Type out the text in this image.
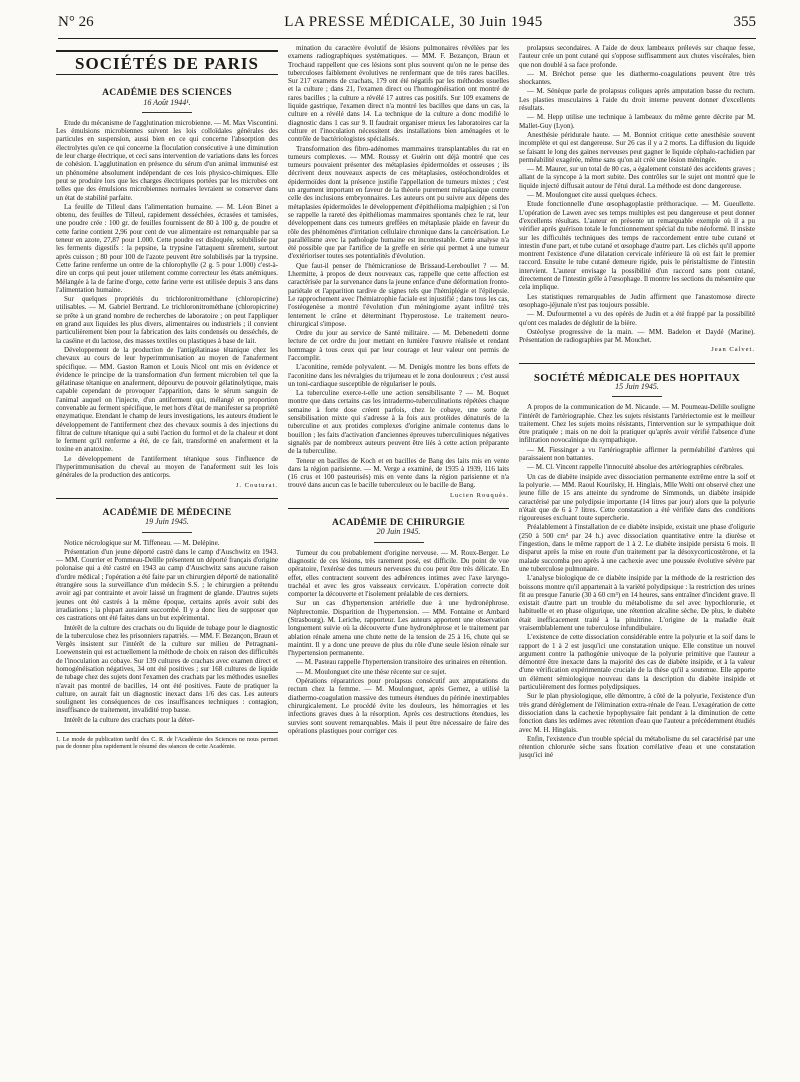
N° 26	LA PRESSE MÉDICALE, 30 Juin 1945	355
SOCIÉTÉS DE PARIS
ACADÉMIE DES SCIENCES
16 Août 1944¹.

Etude du mécanisme de l'agglutination microbienne. — M. Max Viscontini. Les émulsions microbiennes suivent les lois colloïdales générales des particules en suspension, aussi bien en ce qui concerne l'absorption des électrolytes qu'en ce qui concerne la floculation consécutive à une diminution de leur charge électrique, et ceci sans intervention de variations dans les forces de cohésion. L'agglutination en présence du sérum d'un animal immunisé est un phénomène absolument indépendant de ces lois physico-chimiques. Elle peut se produire lors que les charges électriques portées par les microbes ont telles que des émulsions microbiennes normales levraient se conserver dans un état de stabilité parfaite.

La feuille de Tilleul dans l'alimentation humaine. — M. Léon Binet a obtenu, des feuilles de Tilleul, rapidement desséchées, écrasées et tamisées, une poudre crée : 100 gr. de feuilles fournissent de 80 à 100 g. de poudre et cette farine contient 2,96 pour cent de vue alimentaire est remarquable par sa teneur en azote, 27,87 pour 1.000. Cette poudre est disloquée, solubilisée par les ferments digestifs : la pepsine, la trypsine l'attaquent sûrement, surtout après cuisson ; 80 pour 100 de l'azote peuvent être solubilisés par la trypsine. Cette farine renferme un ontre de la chlorophylle (2 g. 5 pour 1.000) c'est-à-dire un corps qui peut jouer utilement comme correcteur les états anémiques. Mélangée à la de farine d'orge, cette farine verte est utilisée depuis 3 ans dans l'alimentation humaine.

Sur quelques propriétés du trichloronitrométhane (chloropicrine) utilisables. — M. Gabriel Bertrand. Le trichloronitrométhane (chloropicrine) se prête à un grand nombre de recherches de laboratoire ; on peut l'appliquer en grand aux liquides les plus divers, alimentaires ou industriels ; il convient particulièrement bien pour la fabrication des laits condensés ou desséchés, de la caséine et du lactose, des masses textiles ou plastiques à base de lait.

Développement de la production de l'antigélatinase tétanique chez les chevaux au cours de leur hyperimmunisation au moyen de l'anaferment spécifique. — MM. Gaston Ramon et Louis Nicol ont mis en évidence et évidence le principe de la transformation d'un ferment microbien tel que la gélatinase tétanique en anaferment, dépourvu de pouvoir gélatinolytique, mais capable cependant de provoquer l'apparition, dans le sérum sanguin de l'animal auquel on l'injecte, d'un antiferment qui, mélangé en proportion convenable au ferment spécifique, le met hors d'état de manifester sa propriété enzymatique. Etendant le champ de leurs investigations, les auteurs étudient le développement de l'antiferment chez des chevaux soumis à des injections du filtrat de culture tétanique qui a subi l'action du formol et de la chaleur et dont le ferment qu'il renferme a été, de ce fait, transformé en anaferment et la toxine en anatoxine.

Le développement de l'antiferment tétanique sous l'influence de l'hyperimmunisation du cheval au moyen de l'anaferment suit les lois générales de la production des anticorps.

J. Couturat.
ACADÉMIE DE MÉDECINE
19 Juin 1945.

Notice nécrologique sur M. Tiffeneau. — M. Delépine.

Présentation d'un jeune déporté castré dans le camp d'Auschwitz en 1943. — MM. Courrier et Pommeau-Delille présentent un déporté français d'origine polonaise qui a été castré en 1943 au camp d'Auschwitz sans aucune raison d'ordre médical ; l'opération a été faite par un chirurgien déporté de nationalité étrangère sous la surveillance d'un médecin S.S. ; le chirurgien a prétendu avoir agi par contrainte et avoir laissé un fragment de glande. D'autres sujets jeunes ont été castrés à la même époque, certains après avoir subi des irradiations ; la plupart auraient succombé. Il y a donc lieu de supposer que ces castrations ont été faites dans un but expérimental.

Intérêt de la culture des crachats ou du liquide de tubage pour le diagnostic de la tuberculose chez les prisonniers rapatriés. — MM. F. Bezançon, Braun et Vergès insistent sur l'intérêt de la culture sur milieu de Petragnani-Loewenstein qui est actuellement la méthode de choix en raison des difficultés de l'inoculation au cobaye. Sur 139 cultures de crachats avec examen direct et homogénéisation négatives, 34 ont été positives ; sur 168 cultures de liquide de tubage chez des sujets dont l'examen des crachats par les méthodes usuelles n'avait pas montré de bacilles, 14 ont été positives. Faute de pratiquer la culture, on aurait fait un diagnostic inexact dans 1/6 des cas. Les auteurs soulignent les conséquences de ces insuffisances techniques : contagion, insuffisance de traitement, invalidité trop basse.

Intérêt de la culture des crachats pour la déter-

1. Le mode de publication tardif des C. R. de l'Académie des Sciences ne nous permet pas de donner plus rapidement le résumé des séances de cette Académie.

mination du caractère évolutif de lésions pulmonaires révélées par les examens radiographiques systématiques. — MM. F. Bezançon, Braun et Trochaud rappellent que ces lésions sont plus souvent qu'on ne le pense des tuberculoses faiblement évolutives ne renfermant que de très rares bacilles. Sur 217 examens de crachats, 179 ont été négatifs par les méthodes usuelles et la culture ; dans 21, l'examen direct ou l'homogénéisation ont montré de rares bacilles ; la culture a révélé 17 autres cas positifs. Sur 109 examens de liquide gastrique, l'examen direct n'a montré les bacilles que dans un cas, la culture en a révélé dans 14. La technique de la culture a donc modifié le diagnostic dans 1 cas sur 9. Il faudrait organiser mieux les laboratoires car la culture et l'inoculation nécessitent des installations bien aménagées et le contrôle de bactériologistes spécialisés.

Transformation des fibro-adénomes mammaires transplantables du rat en tumeurs complexes. — MM. Roussy et Guérin ont déjà montré que ces tumeurs pouvaient présenter des métaplasies épidermoïdes et osseuses ; ils décrivent deux nouveaux aspects de ces métaplasies, ostéochondroïdes et épidermoïdes dont la présence justifie l'appellation de tumeurs mixtes ; c'est un argument important en faveur de la théorie purement métaplasique contre celle des inclusions embryonnaires. Les auteurs ont pu suivre aux dépens des métaplasies épidermoïdes le développement d'épithélioma malpighien ; si l'on se rappelle la rareté des épithéliomas mammaires spontanés chez le rat, leur développement dans ces tumeurs greffées en métaplasie plaide en faveur du rôle des phénomènes d'irritation cellulaire chronique dans la cancérisation. Le parallélisme avec la pathologie humaine est incontestable. Cette analyse n'a été possible que par l'artifice de la greffe en série qui permet à une tumeur d'extérioriser toutes ses potentialités d'évolution.

Que faut-il penser de l'hémicraniose de Brissaud-Lereboullet ? — M. Lhermitte, à propos de deux nouveaux cas, rappelle que cette affection est caractérisée par la survenance dans la jeune enfance d'une déformation fronto-pariétale et l'apparition tardive de signes tels que l'hémiplégie et l'épilepsie. Le rapprochement avec l'hémiatrophie faciale est injustifié ; dans tous les cas, l'ostéogenèse a montré l'évolution d'un méningiome ayant infiltré très lentement le crâne et déterminant l'hyperostose. Le traitement neuro-chirurgical s'impose.

Ordre du jour au service de Santé militaire. — M. Debenedetti donne lecture de cet ordre du jour mettant en lumière l'œuvre réalisée et rendant hommage à tous ceux qui par leur courage et leur valeur ont permis de l'accomplir.

L'aconitine, remède polyvalent. — M. Denigès montre les bons effets de l'aconitine dans les névralgies du trijumeau et le zona douloureux ; c'est aussi un toni-cardiaque susceptible de régulariser le pouls.

La tuberculine exerce-t-elle une action sensibilisante ? — M. Boquet montre que dans certains cas les intradermo-tuberculinations répétées chaque semaine à forte dose créent parfois, chez le cobaye, une sorte de sensibilisation mixte qui s'adresse à la fois aux protéides dénaturés de la tuberculine et aux protides complexes d'origine animale contenus dans le bouillon ; les faits d'activation d'anciennes épreuves tuberculiniques négatives signalés par de nombreux auteurs peuvent être liés à cette action préparante de la tuberculine.

Teneur en bacilles de Koch et en bacilles de Bang des laits mis en vente dans la région parisienne. — M. Verge a examiné, de 1935 à 1939, 116 laits (16 crus et 100 pasteurisés) mis en vente dans la région parisienne et n'a trouvé dans aucun cas le bacille tuberculeux ou le bacille de Bang.

Lucien Rouquès.
ACADÉMIE DE CHIRURGIE
20 Juin 1945.

Tumeur du cou probablement d'origine nerveuse. — M. Roux-Berger. Le diagnostic de ces lésions, très rarement posé, est difficile. Du point de vue opératoire, l'exérèse des tumeurs nerveuses du cou peut être très délicate. En effet, elles contractent souvent des adhérences intimes avec l'axe laryngo-trachéal et avec les gros vaisseaux cervicaux. L'opération correcte doit comporter la découverte et l'isolement préalable de ces derniers.

Sur un cas d'hypertension artérielle due à une hydronéphrose. Néphrectomie. Disparition de l'hypertension. — MM. Fontaine et Ambard (Strasbourg). M. Leriche, rapporteur. Les auteurs apportent une observation longuement suivie où la découverte d'une hydronéphrose et le traitement par ablation rénale amena une chute nette de la tension de 25 à 16, chute qui se maintint. Il y a donc une preuve de plus du rôle d'une seule lésion rénale sur l'hypertension permanente.

— M. Pasteau rappelle l'hypertension transitoire des urinaires en rétention.

— M. Moulonguet cite une thèse récente sur ce sujet.

Opérations réparatrices pour prolapsus consécutif aux amputations du rectum chez la femme. — M. Moulonguet, après Gernez, a utilisé la diathermo-coagulation massive des tumeurs étendues du périnée inextirpables chirurgicalement. Le procédé évite les douleurs, les hémorragies et les infections graves dues à la résorption. Après ces destructions étendues, les survies sont souvent remarquables. Mais il peut être nécessaire de faire des opérations plastiques pour corriger ces

prolapsus secondaires. A l'aide de deux lambeaux prélevés sur chaque fesse, l'auteur crée un pont cutané qui s'oppose suffisamment aux chutes viscérales, bien que non doublé à sa face profonde.

— M. Bréchot pense que les diathermo-coagulations peuvent être très shockantes.

— M. Sénèque parle de prolapsus coliques après amputation basse du rectum. Les plasties musculaires à l'aide du droit interne peuvent donner d'excellents résultats.

— M. Hepp utilise une technique à lambeaux du même genre décrite par M. Mallet-Guy (Lyon).

Anesthésie péridurale haute. — M. Bonniot critique cette anesthésie souvent incomplète et qui est dangereuse. Sur 26 cas il y a 2 morts. La diffusion du liquide se faisant le long des gaines nerveuses peut gagner le liquide céphalo-rachidien par perméabilité exagérée, même sans qu'on ait créé une lésion méningée.

— M. Maurer, sur un total de 80 cas, a également constaté des accidents graves ; allant de la syncope à la mort subite. Des contrôles sur le sujet ont montré que le liquide injecté diffusait autour de l'étui dural. La méthode est donc dangereuse.

— M. Moulonguet cite aussi quelques échecs.

Etude fonctionnelle d'une œsophagoplastie préthoracique. — M. Gueullette. L'opération de Lawen avec ses temps multiples est peu dangereuse et peut donner d'excellents résultats. L'auteur en présente un remarquable exemple où il a pu vérifier après guérison totale le fonctionnement spécial du tube néoformé. Il insiste sur les difficultés techniques des temps de raccordement entre tube cutané et intestin d'une part, et tube cutané et œsophage d'autre part. Les clichés qu'il apporte montrent l'existence d'une dilatation cervicale inférieure là où est fait le premier raccord. Ensuite le tube cutané demeure rigide, puis le péristaltisme de l'intestin intervient. L'auteur envisage la possibilité d'un raccord sans pont cutané, directement de l'intestin grêle à l'œsophage. Il montre les sections du mésentère que cela implique.

Les statistiques remarquables de Judin affirment que l'anastomose directe œsophago-jéjunale n'est pas toujours possible.

— M. Dufourmentel a vu des opérés de Judin et a été frappé par la possibilité qu'ont ces malades de déglutir de la bière.

Ostéolyse progressive de la main. — MM. Badelon et Daydé (Marine). Présentation de radiographies par M. Mouchet.

Jean Calvet.
SOCIÉTÉ MÉDICALE DES HOPITAUX
15 Juin 1945.

A propos de la communication de M. Nicaude. — M. Poumeau-Delille souligne l'intérêt de l'artériographie. Chez les sujets résistants l'artériectomie est le meilleur traitement. Chez les sujets moins résistants, l'intervention sur le sympathique doit être pratiquée ; mais on ne doit la pratiquer qu'après avoir vérifié l'absence d'une infiltration novocaïnique du sympathique.

— M. Fiessinger a vu l'artériographie affirmer la perméabilité d'artères qui paraissaient non battantes.

— M. Cl. Vincent rappelle l'innocuité absolue des artériographies cérébrales.

Un cas de diabète insipide avec dissociation permanente extrême entre la soif et la polyurie. — MM. Raoul Kourilsky, H. Hinglais, Mlle Welti ont observé chez une jeune fille de 15 ans atteinte du syndrome de Simmonds, un diabète insipide caractérisé par une polydipsie importante (14 litres par jour) alors que la polyurie n'était que de 6 à 7 litres. Cette constatation a été vérifiée dans des conditions rigoureuses excluant toute supercherie.

Préalablement à l'installation de ce diabète insipide, existait une phase d'oligurie (250 à 500 cm³ par 24 h.) avec dissociation quantitative entre la diurèse et l'ingestion, dans le même rapport de 1 à 2. Le diabète insipide persista 6 mois. Il disparut après la mise en route d'un traitement par la désoxycorticostérone, et la malade succomba peu après à une cachexie avec une poussée évolutive sévère par une tuberculose pulmonaire.

L'analyse biologique de ce diabète insipide par la méthode de la restriction des boissons montre qu'il appartenait à la variété polydipsique : la restriction des urines fit au presque l'anurie (30 à 60 cm³) en 14 heures, sans entraîner d'incident grave. Il existait d'autre part un trouble du métabolisme du sel avec hypochlorurie, et habituelle et en phase oligurique, une rétention alcaline sèche. De plus, le diabète était inefficacement traité à la pituitrine. L'origine de la maladie était vraisemblablement une tuberculose infundibulaire.

L'existence de cette dissociation considérable entre la polyurie et la soif dans le rapport de 1 à 2 est jusqu'ici une constatation unique. Elle constitue un nouvel argument contre la pathogénie univoque de la polyurie primitive que l'auteur a démontré être inexacte dans la majorité des cas de diabète insipide, et à la valeur d'une vérification expérimentale cruciale de la thèse qu'il a soutenue. Elle apporte un élément sémiologique nouveau dans la description du diabète insipide et particulièrement des formes polydipsiques.

Sur le plan physiologique, elle démontre, à côté de la polyurie, l'existence d'un très grand dérèglement de l'élimination extra-rénale de l'eau. L'exagération de cette dissociation dans la cachexie hypophysaire fait pendant à la diminution de cette fonction dans les œdèmes avec rétention d'eau que l'auteur a précédemment étudiés avec M. H. Hinglais.

Enfin, l'existence d'un trouble spécial du métabolisme du sel caractérisé par une rétention chlorurée sèche sans fixation corrélative d'eau et une constatation jusqu'ici iné
